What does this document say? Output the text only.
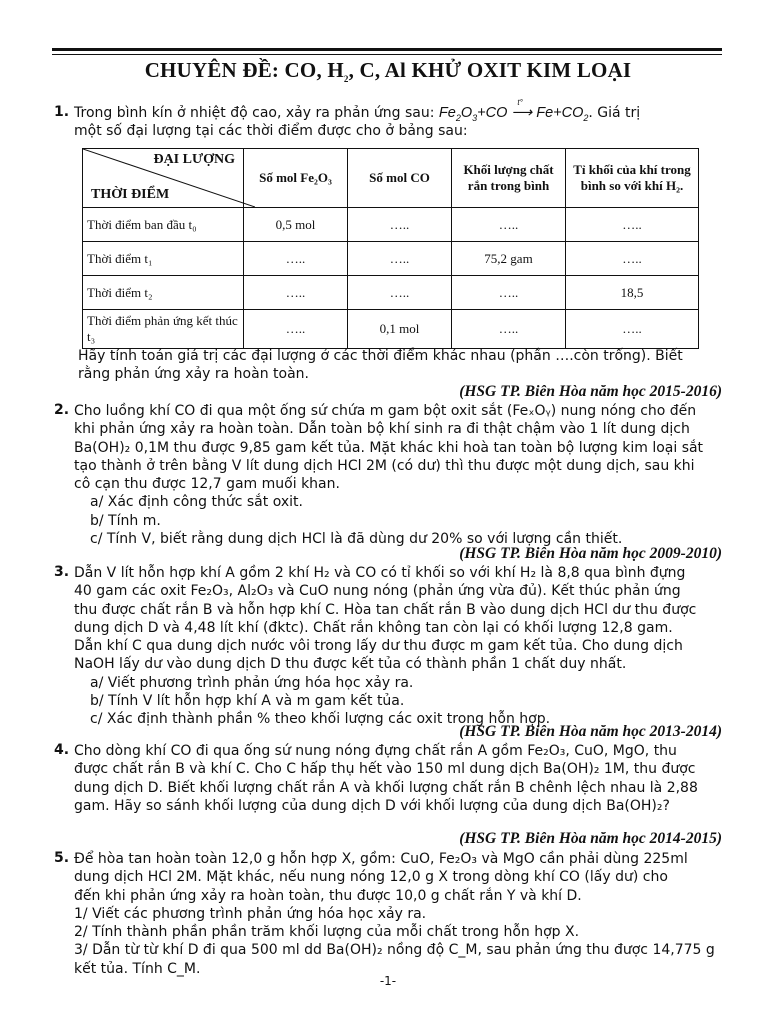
CHUYÊN ĐỀ: CO, $H_2$, C, Al KHỬ OXIT KIM LOẠI
1. Trong bình kín ở nhiệt độ cao, xảy ra phản ứng sau: $Fe_2O_3+CO$
t°
⟶ $Fe+CO_2$. Giá trị
một số đại lượng tại các thời điểm được cho ở bảng sau:
ĐẠI LƯỢNG
THỜI ĐIỂM	Số mol Fe₂O₃	Số mol CO	Khối lượng chất rắn trong bình	Tỉ khối của khí trong bình so với khí H₂.
Thời điểm ban đầu t₀	0,5 mol	…..	…..	…..
Thời điểm t₁	…..	…..	75,2 gam	…..
Thời điểm t₂	…..	…..	…..	18,5
Thời điểm phản ứng kết thúc t₃	…..	0,1 mol	…..	…..
Hãy tính toán giá trị các đại lượng ở các thời điểm khác nhau (phần ….còn trống). Biết
rằng phản ứng xảy ra hoàn toàn.
(HSG TP. Biên Hòa năm học 2015-2016)
2. Cho luồng khí CO đi qua một ống sứ chứa m gam bột oxit sắt (FeₓOᵧ) nung nóng cho đến
khi phản ứng xảy ra hoàn toàn. Dẫn toàn bộ khí sinh ra đi thật chậm vào 1 lít dung dịch
Ba(OH)₂ 0,1M thu được 9,85 gam kết tủa. Mặt khác khi hoà tan toàn bộ lượng kim loại sắt
tạo thành ở trên bằng V lít dung dịch HCl 2M (có dư) thì thu được một dung dịch, sau khi
cô cạn thu được 12,7 gam muối khan.
a/ Xác định công thức sắt oxit.
b/ Tính m.
c/ Tính V, biết rằng dung dịch HCl là đã dùng dư 20% so với lượng cần thiết.
(HSG TP. Biên Hòa năm học 2009-2010)
3. Dẫn V lít hỗn hợp khí A gồm 2 khí H₂ và CO có tỉ khối so với khí H₂ là 8,8 qua bình đựng
40 gam các oxit Fe₂O₃, Al₂O₃ và CuO nung nóng (phản ứng vừa đủ). Kết thúc phản ứng
thu được chất rắn B và hỗn hợp khí C. Hòa tan chất rắn B vào dung dịch HCl dư thu được
dung dịch D và 4,48 lít khí (đktc). Chất rắn không tan còn lại có khối lượng 12,8 gam.
Dẫn khí C qua dung dịch nước vôi trong lấy dư thu được m gam kết tủa. Cho dung dịch
NaOH lấy dư vào dung dịch D thu được kết tủa có thành phần 1 chất duy nhất.
a/ Viết phương trình phản ứng hóa học xảy ra.
b/ Tính V lít hỗn hợp khí A và m gam kết tủa.
c/ Xác định thành phần % theo khối lượng các oxit trong hỗn hợp.
(HSG TP. Biên Hòa năm học 2013-2014)
4. Cho dòng khí CO đi qua ống sứ nung nóng đựng chất rắn A gồm Fe₂O₃, CuO, MgO, thu
được chất rắn B và khí C. Cho C hấp thụ hết vào 150 ml dung dịch Ba(OH)₂ 1M, thu được
dung dịch D. Biết khối lượng chất rắn A và khối lượng chất rắn B chênh lệch nhau là 2,88
gam. Hãy so sánh khối lượng của dung dịch D với khối lượng của dung dịch Ba(OH)₂?
(HSG TP. Biên Hòa năm học 2014-2015)
5. Để hòa tan hoàn toàn 12,0 g hỗn hợp X, gồm: CuO, Fe₂O₃ và MgO cần phải dùng 225ml
dung dịch HCl 2M. Mặt khác, nếu nung nóng 12,0 g X trong dòng khí CO (lấy dư) cho
đến khi phản ứng xảy ra hoàn toàn, thu được 10,0 g chất rắn Y và khí D.
1/ Viết các phương trình phản ứng hóa học xảy ra.
2/ Tính thành phần phần trăm khối lượng của mỗi chất trong hỗn hợp X.
3/ Dẫn từ từ khí D đi qua 500 ml dd Ba(OH)₂ nồng độ C_M, sau phản ứng thu được 14,775 g
kết tủa. Tính C_M.
-1-
